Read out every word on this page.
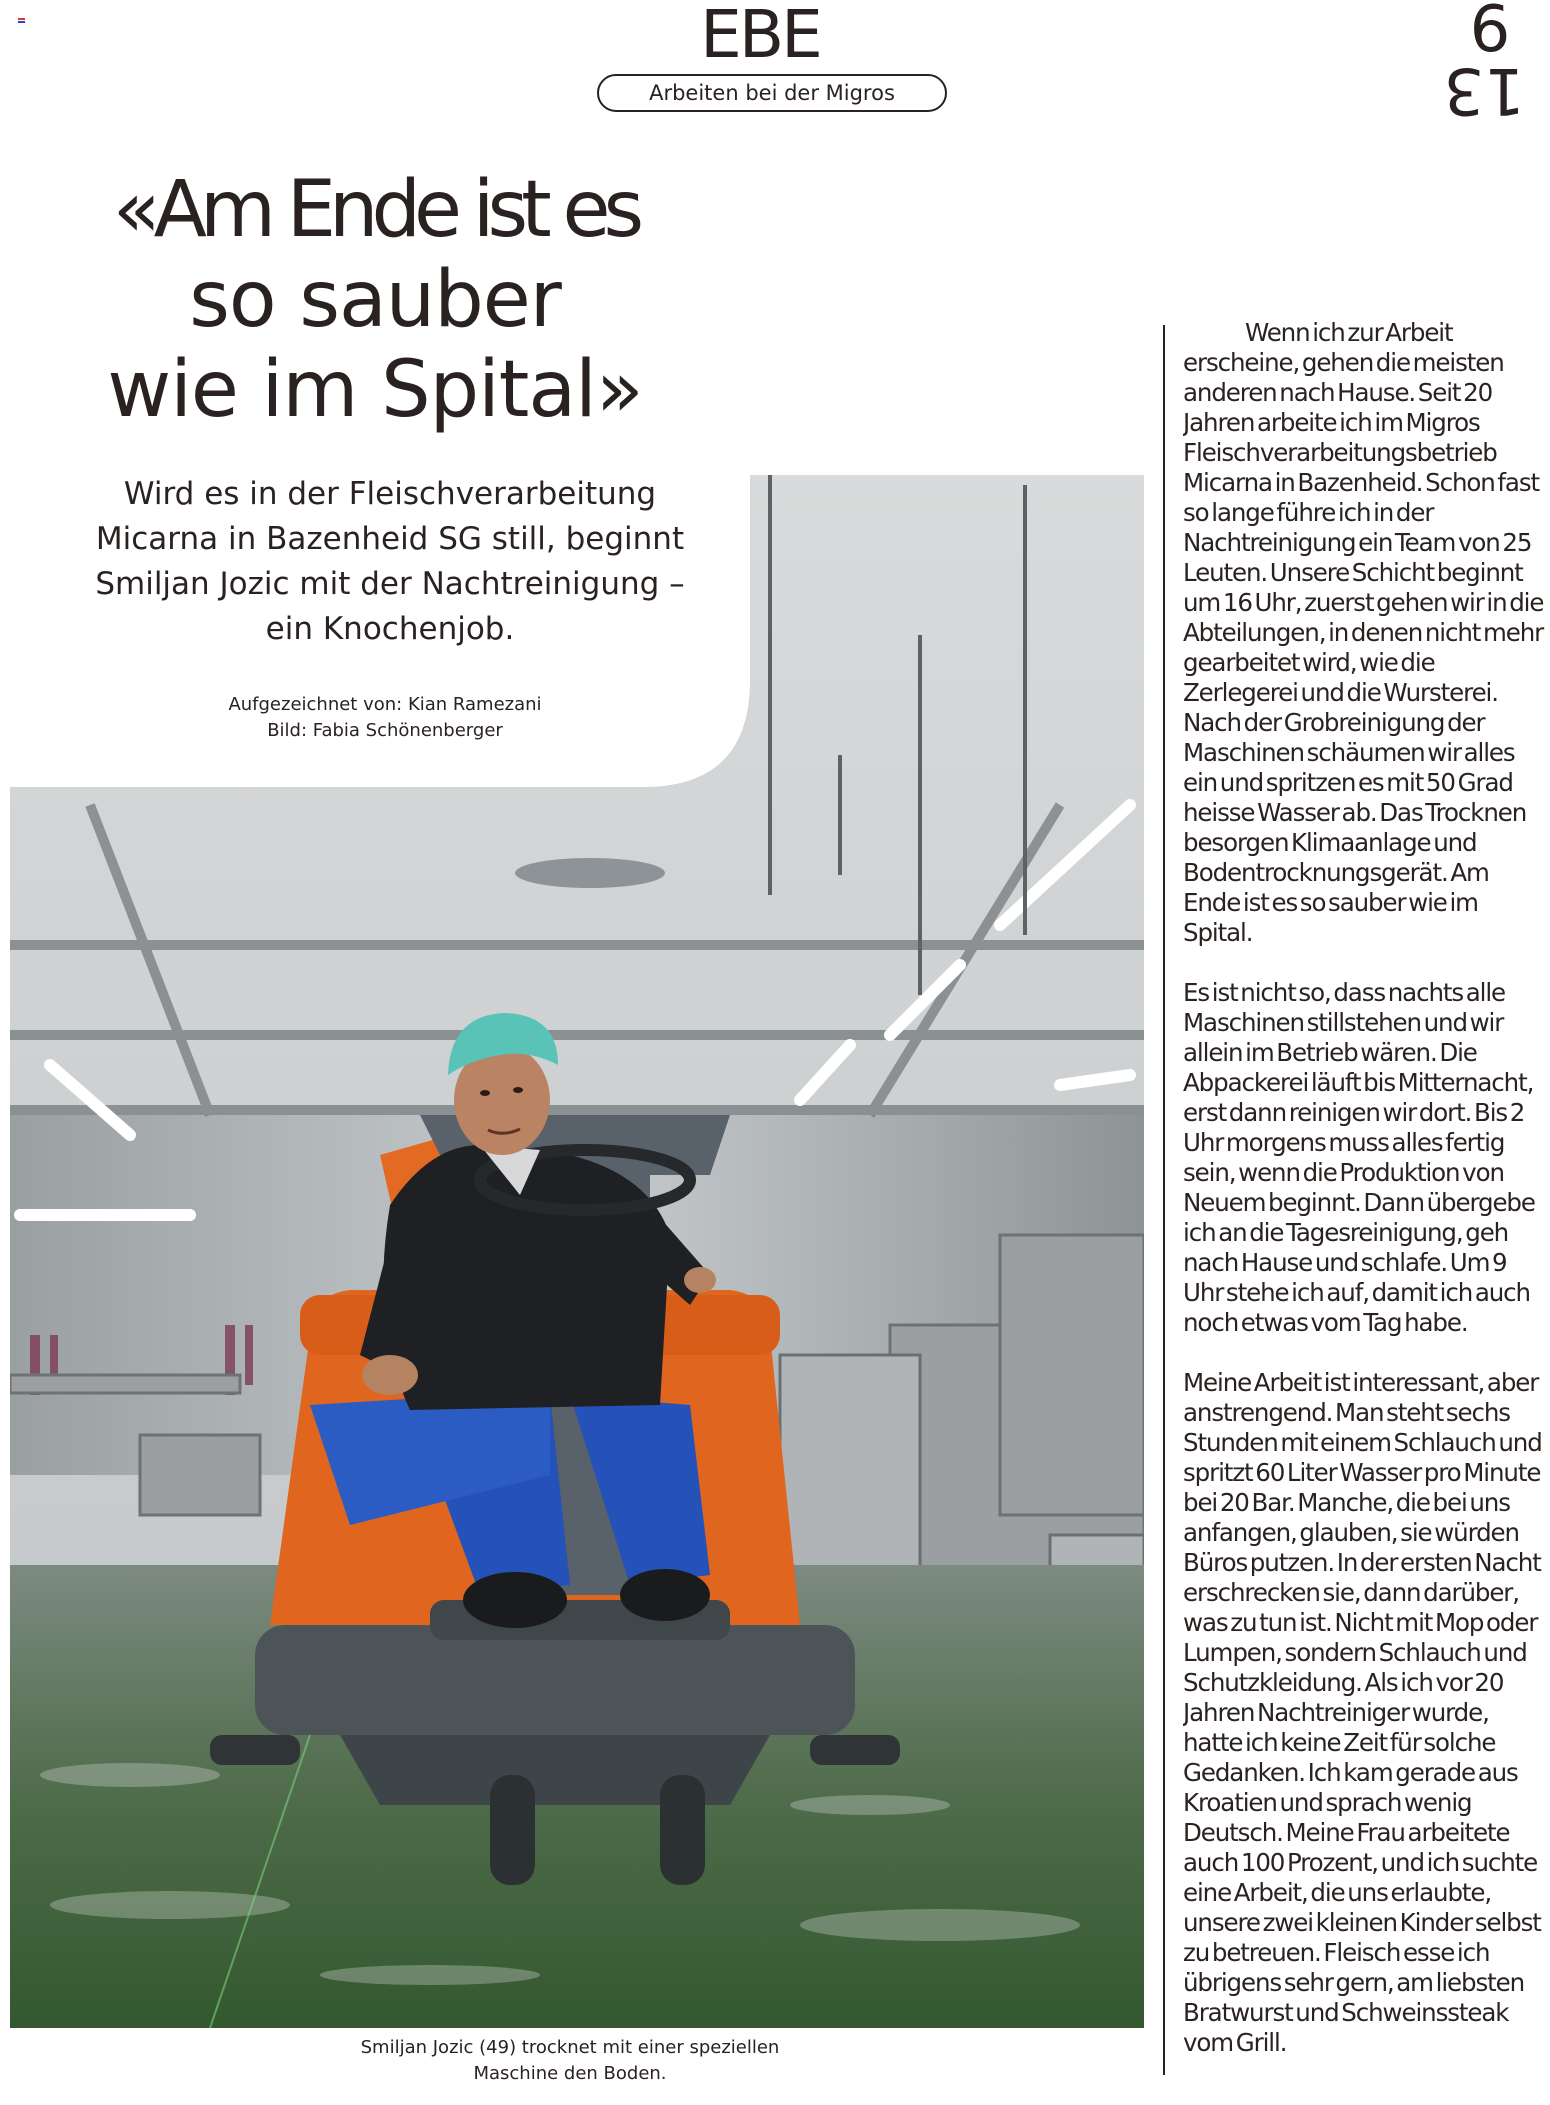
EBE
Arbeiten bei der Migros
6
13
«Am Ende ist es
so sauber
wie im Spital»
Wird es in der Fleischverarbeitung Micarna in Bazenheid SG still, beginnt Smiljan Jozic mit der Nachtreinigung – ein Knochenjob.
Aufgezeichnet von: Kian Ramezani
Bild: Fabia Schönenberger
Smiljan Jozic (49) trocknet mit einer speziellen Maschine den Boden.

Wenn ich zur Arbeit erscheine, gehen die meisten anderen nach Hause. Seit 20 Jahren arbeite ich im Migros Fleischverarbeitungsbetrieb Micarna in Bazenheid. Schon fast so lange führe ich in der Nachtreinigung ein Team von 25 Leuten. Unsere Schicht beginnt um 16 Uhr, zuerst gehen wir in die Abteilungen, in denen nicht mehr gearbeitet wird, wie die Zerlegerei und die Wursterei. Nach der Grobreinigung der Maschinen schäumen wir alles ein und spritzen es mit 50 Grad heisse Wasser ab. Das Trocknen besorgen Klimaanlage und Bodentrocknungsgerät. Am Ende ist es so sauber wie im Spital.

Es ist nicht so, dass nachts alle Maschinen stillstehen und wir allein im Betrieb wären. Die Abpackerei läuft bis Mitternacht, erst dann reinigen wir dort. Bis 2 Uhr morgens muss alles fertig sein, wenn die Produktion von Neuem beginnt. Dann übergebe ich an die Tagesreinigung, geh nach Hause und schlafe. Um 9 Uhr stehe ich auf, damit ich auch noch etwas vom Tag habe.

Meine Arbeit ist interessant, aber anstrengend. Man steht sechs Stunden mit einem Schlauch und spritzt 60 Liter Wasser pro Minute bei 20 Bar. Manche, die bei uns anfangen, glauben, sie würden Büros putzen. In der ersten Nacht erschrecken sie, dann darüber, was zu tun ist. Nicht mit Mop oder Lumpen, sondern Schlauch und Schutzkleidung. Als ich vor 20 Jahren Nachtreiniger wurde, hatte ich keine Zeit für solche Gedanken. Ich kam gerade aus Kroatien und sprach wenig Deutsch. Meine Frau arbeitete auch 100 Prozent, und ich suchte eine Arbeit, die uns erlaubte, unsere zwei kleinen Kinder selbst zu betreuen. Fleisch esse ich übrigens sehr gern, am liebsten Bratwurst und Schweinssteak vom Grill.
